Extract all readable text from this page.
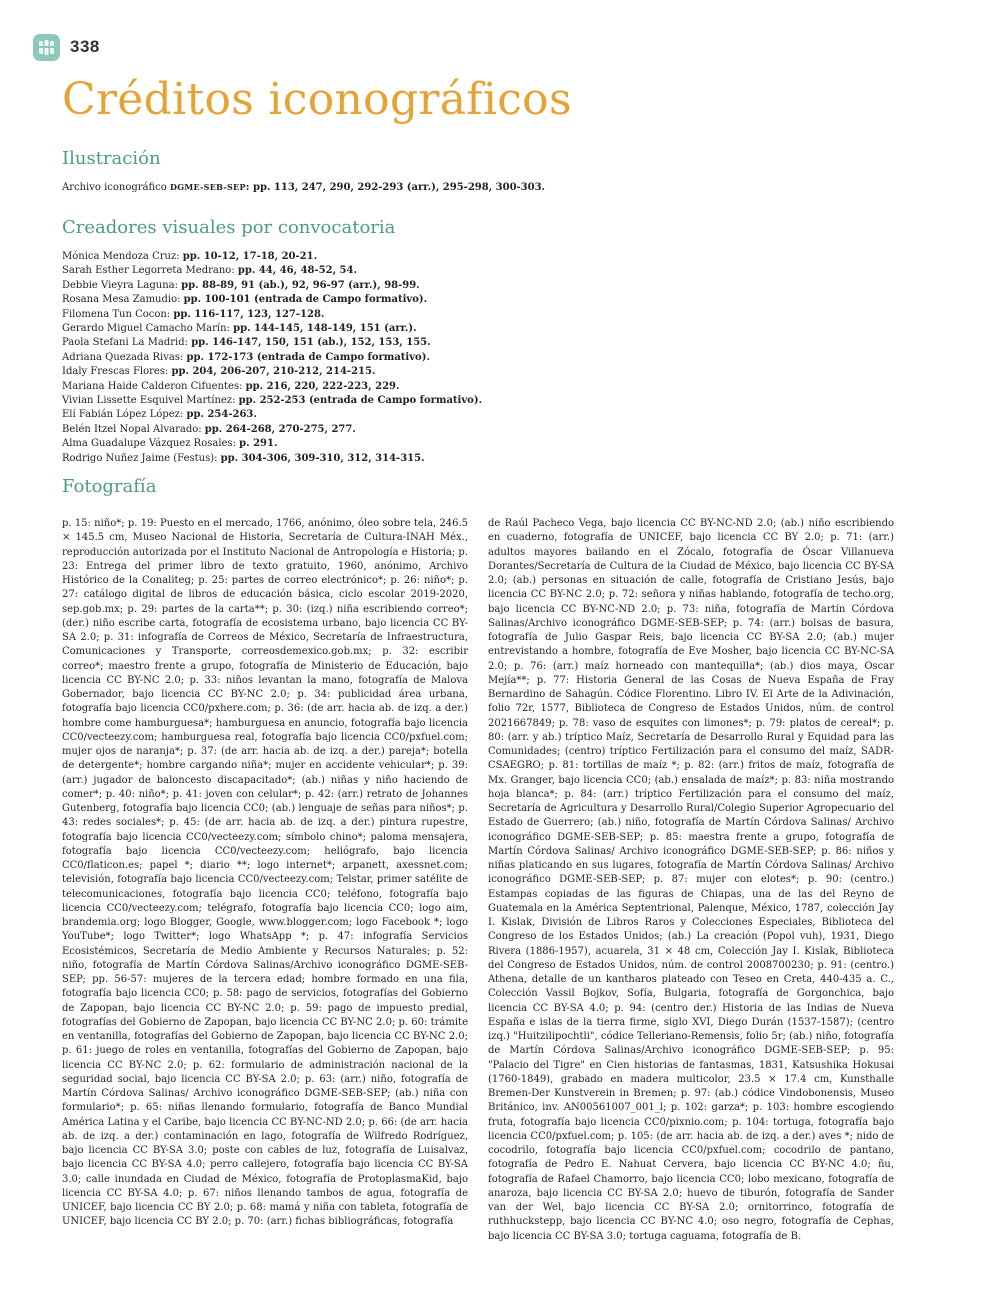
338
Créditos iconográficos
Ilustración
Archivo iconográfico DGME-SEB-SEP: pp. 113, 247, 290, 292-293 (arr.), 295-298, 300-303.
Creadores visuales por convocatoria
Mónica Mendoza Cruz: pp. 10-12, 17-18, 20-21.
Sarah Esther Legorreta Medrano: pp. 44, 46, 48-52, 54.
Debbie Vieyra Laguna: pp. 88-89, 91 (ab.), 92, 96-97 (arr.), 98-99.
Rosana Mesa Zamudio: pp. 100-101 (entrada de Campo formativo).
Filomena Tun Cocon: pp. 116-117, 123, 127-128.
Gerardo Miguel Camacho Marín: pp. 144-145, 148-149, 151 (arr.).
Paola Stefani La Madrid: pp. 146-147, 150, 151 (ab.), 152, 153, 155.
Adriana Quezada Rivas: pp. 172-173 (entrada de Campo formativo).
Idaly Frescas Flores: pp. 204, 206-207, 210-212, 214-215.
Mariana Haide Calderon Cifuentes: pp. 216, 220, 222-223, 229.
Vivian Lissette Esquivel Martínez: pp. 252-253 (entrada de Campo formativo).
Elí Fabián López López: pp. 254-263.
Belén Itzel Nopal Alvarado: pp. 264-268, 270-275, 277.
Alma Guadalupe Vázquez Rosales: p. 291.
Rodrigo Nuñez Jaime (Festus): pp. 304-306, 309-310, 312, 314-315.
Fotografía

p. 15: niño*; p. 19: Puesto en el mercado, 1766, anónimo, óleo sobre tela, 246.5 × 145.5 cm, Museo Nacional de Historia, Secretaría de Cultura-INAH Méx., reproducción autorizada por el Instituto Nacional de Antropología e Historia; p. 23: Entrega del primer libro de texto gratuito, 1960, anónimo, Archivo Histórico de la Conaliteg; p. 25: partes de correo electrónico*; p. 26: niño*; p. 27: catálogo digital de libros de educación básica, ciclo escolar 2019-2020, sep.gob.mx; p. 29: partes de la carta**; p. 30: (izq.) niña escribiendo correo*; (der.) niño escribe carta, fotografía de ecosistema urbano, bajo licencia CC BY-SA 2.0; p. 31: infografía de Correos de México, Secretaría de Infraestructura, Comunicaciones y Transporte, correosdemexico.gob.mx; p. 32: escribir correo*; maestro frente a grupo, fotografía de Ministerio de Educación, bajo licencia CC BY-NC 2.0; p. 33: niños levantan la mano, fotografía de Malova Gobernador, bajo licencia CC BY-NC 2.0; p. 34: publicidad área urbana, fotografía bajo licencia CC0/pxhere.com; p. 36: (de arr. hacia ab. de izq. a der.) hombre come hamburguesa*; hamburguesa en anuncio, fotografía bajo licencia CC0/vecteezy.com; hamburguesa real, fotografía bajo licencia CC0/pxfuel.com; mujer ojos de naranja*; p. 37: (de arr. hacia ab. de izq. a der.) pareja*; botella de detergente*; hombre cargando niña*; mujer en accidente vehicular*; p. 39: (arr.) jugador de baloncesto discapacitado*; (ab.) niñas y niño haciendo de comer*; p. 40: niño*; p. 41: joven con celular*; p. 42: (arr.) retrato de Johannes Gutenberg, fotografía bajo licencia CC0; (ab.) lenguaje de señas para niños*; p. 43: redes sociales*; p. 45: (de arr. hacia ab. de izq. a der.) pintura rupestre, fotografía bajo licencia CC0/vecteezy.com; símbolo chino*; paloma mensajera, fotografía bajo licencia CC0/vecteezy.com; heliógrafo, bajo licencia CC0/flaticon.es; papel *; diario **; logo internet*; arpanett, axessnet.com; televisión, fotografía bajo licencia CC0/vecteezy.com; Telstar, primer satélite de telecomunicaciones, fotografía bajo licencia CC0; teléfono, fotografía bajo licencia CC0/vecteezy.com; telégrafo, fotografía bajo licencia CC0; logo aim, brandemia.org; logo Blogger, Google, www.blogger.com; logo Facebook *; logo YouTube*; logo Twitter*; logo WhatsApp *; p. 47: infografía Servicios Ecosistémicos, Secretaría de Medio Ambiente y Recursos Naturales; p. 52: niño, fotografía de Martín Córdova Salinas/Archivo iconográfico DGME-SEB-SEP; pp. 56-57: mujeres de la tercera edad; hombre formado en una fila, fotografía bajo licencia CC0; p. 58: pago de servicios, fotografías del Gobierno de Zapopan, bajo licencia CC BY-NC 2.0; p. 59: pago de impuesto predial, fotografías del Gobierno de Zapopan, bajo licencia CC BY-NC 2.0; p. 60: trámite en ventanilla, fotografías del Gobierno de Zapopan, bajo licencia CC BY-NC 2.0; p. 61: juego de roles en ventanilla, fotografías del Gobierno de Zapopan, bajo licencia CC BY-NC 2.0; p. 62: formulario de administración nacional de la seguridad social, bajo licencia CC BY-SA 2.0; p. 63: (arr.) niño, fotografía de Martín Córdova Salinas/ Archivo iconográfico DGME-SEB-SEP; (ab.) niña con formulario*; p. 65: niñas llenando formulario, fotografía de Banco Mundial América Latina y el Caribe, bajo licencia CC BY-NC-ND 2.0; p. 66: (de arr. hacia ab. de izq. a der.) contaminación en lago, fotografía de Wilfredo Rodríguez, bajo licencia CC BY-SA 3.0; poste con cables de luz, fotografía de Luisalvaz, bajo licencia CC BY-SA 4.0; perro callejero, fotografía bajo licencia CC BY-SA 3.0; calle inundada en Ciudad de México, fotografía de ProtoplasmaKid, bajo licencia CC BY-SA 4.0; p. 67: niños llenando tambos de agua, fotografía de UNICEF, bajo licencia CC BY 2.0; p. 68: mamá y niña con tableta, fotografía de UNICEF, bajo licencia CC BY 2.0; p. 70: (arr.) fichas bibliográficas, fotografía

de Raúl Pacheco Vega, bajo licencia CC BY-NC-ND 2.0; (ab.) niño escribiendo en cuaderno, fotografía de UNICEF, bajo licencia CC BY 2.0; p. 71: (arr.) adultos mayores bailando en el Zócalo, fotografía de Óscar Villanueva Dorantes/Secretaría de Cultura de la Ciudad de México, bajo licencia CC BY-SA 2.0; (ab.) personas en situación de calle, fotografía de Cristiano Jesús, bajo licencia CC BY-NC 2.0; p. 72: señora y niñas hablando, fotografía de techo.org, bajo licencia CC BY-NC-ND 2.0; p. 73: niña, fotografía de Martín Córdova Salinas/Archivo iconográfico DGME-SEB-SEP; p. 74: (arr.) bolsas de basura, fotografía de Julio Gaspar Reis, bajo licencia CC BY-SA 2.0; (ab.) mujer entrevistando a hombre, fotografía de Eve Mosher, bajo licencia CC BY-NC-SA 2.0; p. 76: (arr.) maíz horneado con mantequilla*; (ab.) dios maya, Oscar Mejía**; p. 77: Historia General de las Cosas de Nueva España de Fray Bernardino de Sahagún. Códice Florentino. Libro IV. El Arte de la Adivinación, folio 72r, 1577, Biblioteca de Congreso de Estados Unidos, núm. de control 2021667849; p. 78: vaso de esquites con limones*; p. 79: platos de cereal*; p. 80: (arr. y ab.) tríptico Maíz, Secretaría de Desarrollo Rural y Equidad para las Comunidades; (centro) tríptico Fertilización para el consumo del maíz, SADR-CSAEGRO; p. 81: tortillas de maíz *; p. 82: (arr.) fritos de maíz, fotografía de Mx. Granger, bajo licencia CC0; (ab.) ensalada de maíz*; p. 83: niña mostrando hoja blanca*; p. 84: (arr.) tríptico Fertilización para el consumo del maíz, Secretaría de Agricultura y Desarrollo Rural/Colegio Superior Agropecuario del Estado de Guerrero; (ab.) niño, fotografía de Martín Córdova Salinas/ Archivo iconográfico DGME-SEB-SEP; p. 85: maestra frente a grupo, fotografía de Martín Córdova Salinas/ Archivo iconográfico DGME-SEB-SEP; p. 86: niños y niñas platicando en sus lugares, fotografía de Martín Córdova Salinas/ Archivo iconográfico DGME-SEB-SEP; p. 87: mujer con elotes*; p. 90: (centro.) Estampas copiadas de las figuras de Chiapas, una de las del Reyno de Guatemala en la América Septentrional, Palenque, México, 1787, colección Jay I. Kislak, División de Libros Raros y Colecciones Especiales, Biblioteca del Congreso de los Estados Unidos; (ab.) La creación (Popol vuh), 1931, Diego Rivera (1886-1957), acuarela, 31 × 48 cm, Colección Jay I. Kislak, Biblioteca del Congreso de Estados Unidos, núm. de control 2008700230; p. 91: (centro.) Athena, detalle de un kantharos plateado con Teseo en Creta, 440-435 a. C., Colección Vassil Bojkov, Sofía, Bulgaria, fotografía de Gorgonchica, bajo licencia CC BY-SA 4.0; p. 94: (centro der.) Historia de las Indias de Nueva España e islas de la tierra firme, siglo XVI, Diego Durán (1537-1587); (centro izq.) "Huitzilipochtli", códice Telleriano-Remensis, folio 5r; (ab.) niño, fotografía de Martín Córdova Salinas/Archivo iconográfico DGME-SEB-SEP; p. 95: "Palacio del Tigre" en Cien historias de fantasmas, 1831, Katsushika Hokusai (1760-1849), grabado en madera multicolor, 23.5 × 17.4 cm, Kunsthalle Bremen-Der Kunstverein in Bremen; p. 97: (ab.) códice Vindobonensis, Museo Británico, inv. AN00561007_001_l; p. 102: garza*; p. 103: hombre escogiendo fruta, fotografía bajo licencia CC0/pixnio.com; p. 104: tortuga, fotografía bajo licencia CC0/pxfuel.com; p. 105: (de arr. hacia ab. de izq. a der.) aves *; nido de cocodrilo, fotografía bajo licencia CC0/pxfuel.com; cocodrilo de pantano, fotografía de Pedro E. Nahuat Cervera, bajo licencia CC BY-NC 4.0; ñu, fotografía de Rafael Chamorro, bajo licencia CC0; lobo mexicano, fotografía de anaroza, bajo licencia CC BY-SA 2.0; huevo de tiburón, fotografía de Sander van der Wel, bajo licencia CC BY-SA 2.0; ornitorrinco, fotografía de ruthhuckstepp, bajo licencia CC BY-NC 4.0; oso negro, fotografía de Cephas, bajo licencia CC BY-SA 3.0; tortuga caguama, fotografía de B.
